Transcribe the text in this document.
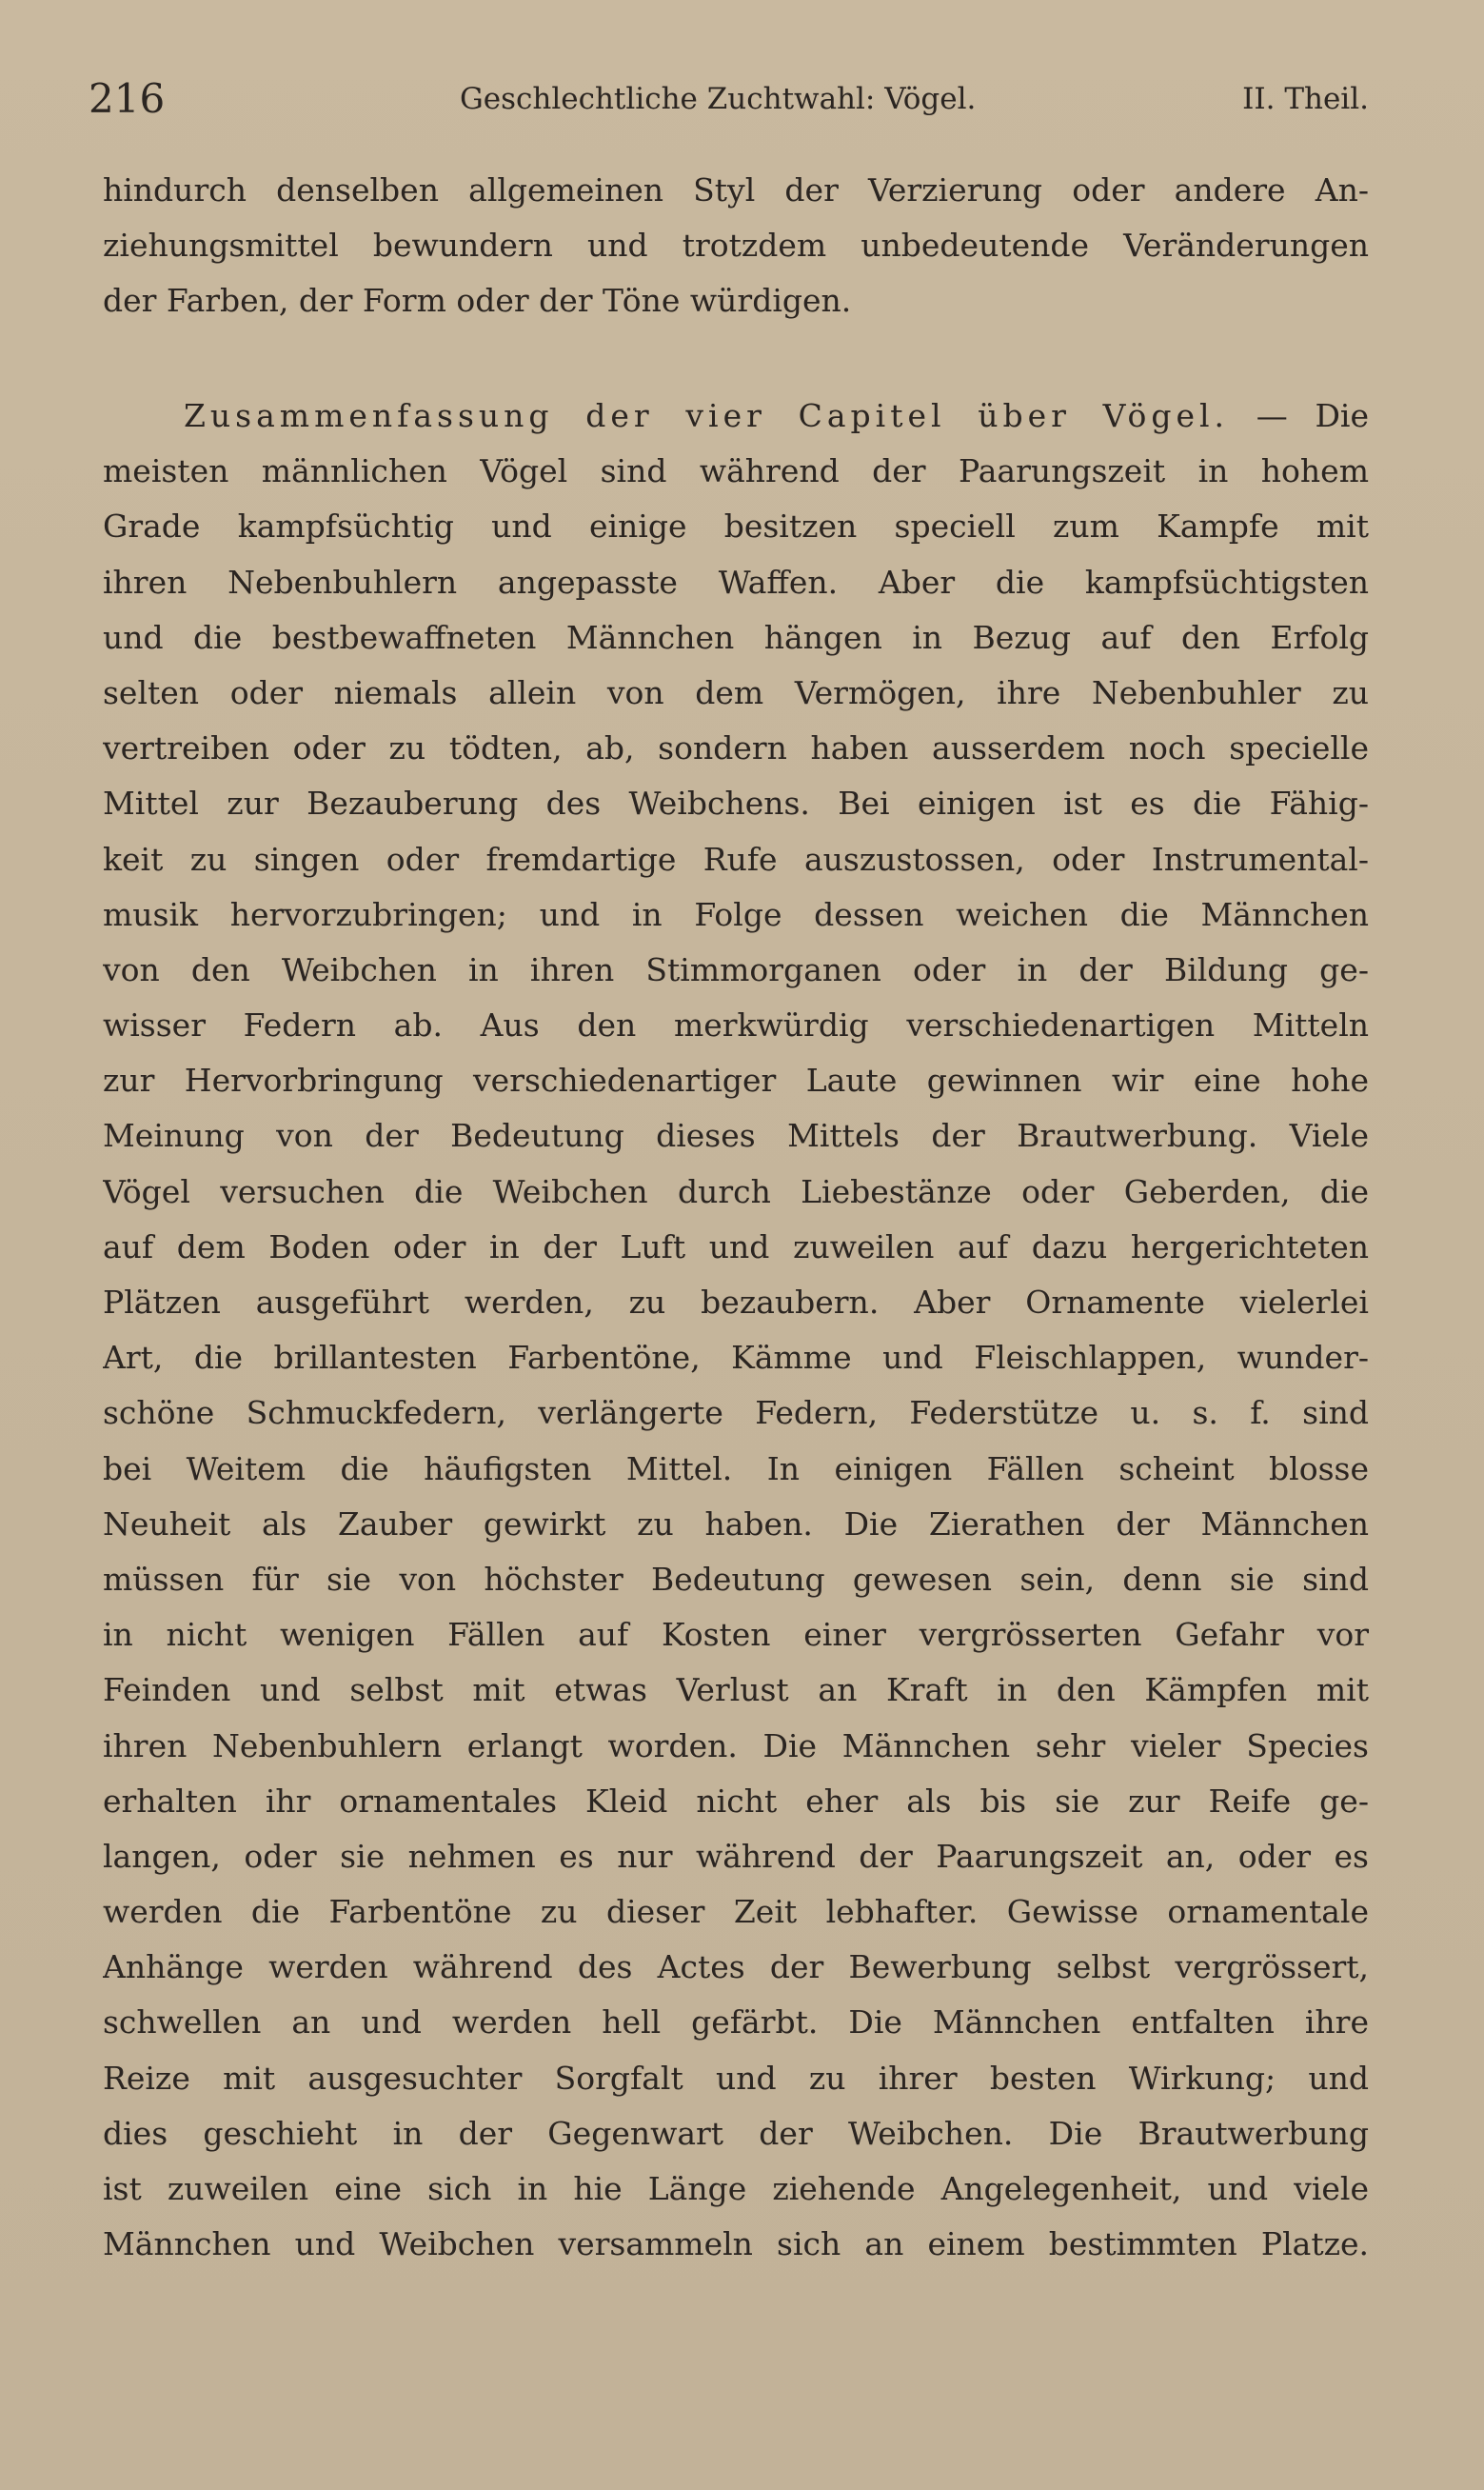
216	Geschlechtliche Zuchtwahl: Vögel.	II. Theil.
hindurch denselben allgemeinen Styl der Verzierung oder andere An-
ziehungsmittel bewundern und trotzdem unbedeutende Veränderungen
der Farben, der Form oder der Töne würdigen.
Zusammenfassung der vier Capitel über Vögel. — Die
meisten männlichen Vögel sind während der Paarungszeit in hohem
Grade kampfsüchtig und einige besitzen speciell zum Kampfe mit
ihren Nebenbuhlern angepasste Waffen. Aber die kampfsüchtigsten
und die bestbewaffneten Männchen hängen in Bezug auf den Erfolg
selten oder niemals allein von dem Vermögen, ihre Nebenbuhler zu
vertreiben oder zu tödten, ab, sondern haben ausserdem noch specielle
Mittel zur Bezauberung des Weibchens. Bei einigen ist es die Fähig-
keit zu singen oder fremdartige Rufe auszustossen, oder Instrumental-
musik hervorzubringen; und in Folge dessen weichen die Männchen
von den Weibchen in ihren Stimmorganen oder in der Bildung ge-
wisser Federn ab. Aus den merkwürdig verschiedenartigen Mitteln
zur Hervorbringung verschiedenartiger Laute gewinnen wir eine hohe
Meinung von der Bedeutung dieses Mittels der Brautwerbung. Viele
Vögel versuchen die Weibchen durch Liebestänze oder Geberden, die
auf dem Boden oder in der Luft und zuweilen auf dazu hergerichteten
Plätzen ausgeführt werden, zu bezaubern. Aber Ornamente vielerlei
Art, die brillantesten Farbentöne, Kämme und Fleischlappen, wunder-
schöne Schmuckfedern, verlängerte Federn, Federstütze u. s. f. sind
bei Weitem die häufigsten Mittel. In einigen Fällen scheint blosse
Neuheit als Zauber gewirkt zu haben. Die Zierathen der Männchen
müssen für sie von höchster Bedeutung gewesen sein, denn sie sind
in nicht wenigen Fällen auf Kosten einer vergrösserten Gefahr vor
Feinden und selbst mit etwas Verlust an Kraft in den Kämpfen mit
ihren Nebenbuhlern erlangt worden. Die Männchen sehr vieler Species
erhalten ihr ornamentales Kleid nicht eher als bis sie zur Reife ge-
langen, oder sie nehmen es nur während der Paarungszeit an, oder es
werden die Farbentöne zu dieser Zeit lebhafter. Gewisse ornamentale
Anhänge werden während des Actes der Bewerbung selbst vergrössert,
schwellen an und werden hell gefärbt. Die Männchen entfalten ihre
Reize mit ausgesuchter Sorgfalt und zu ihrer besten Wirkung; und
dies geschieht in der Gegenwart der Weibchen. Die Brautwerbung
ist zuweilen eine sich in hie Länge ziehende Angelegenheit, und viele
Männchen und Weibchen versammeln sich an einem bestimmten Platze.
